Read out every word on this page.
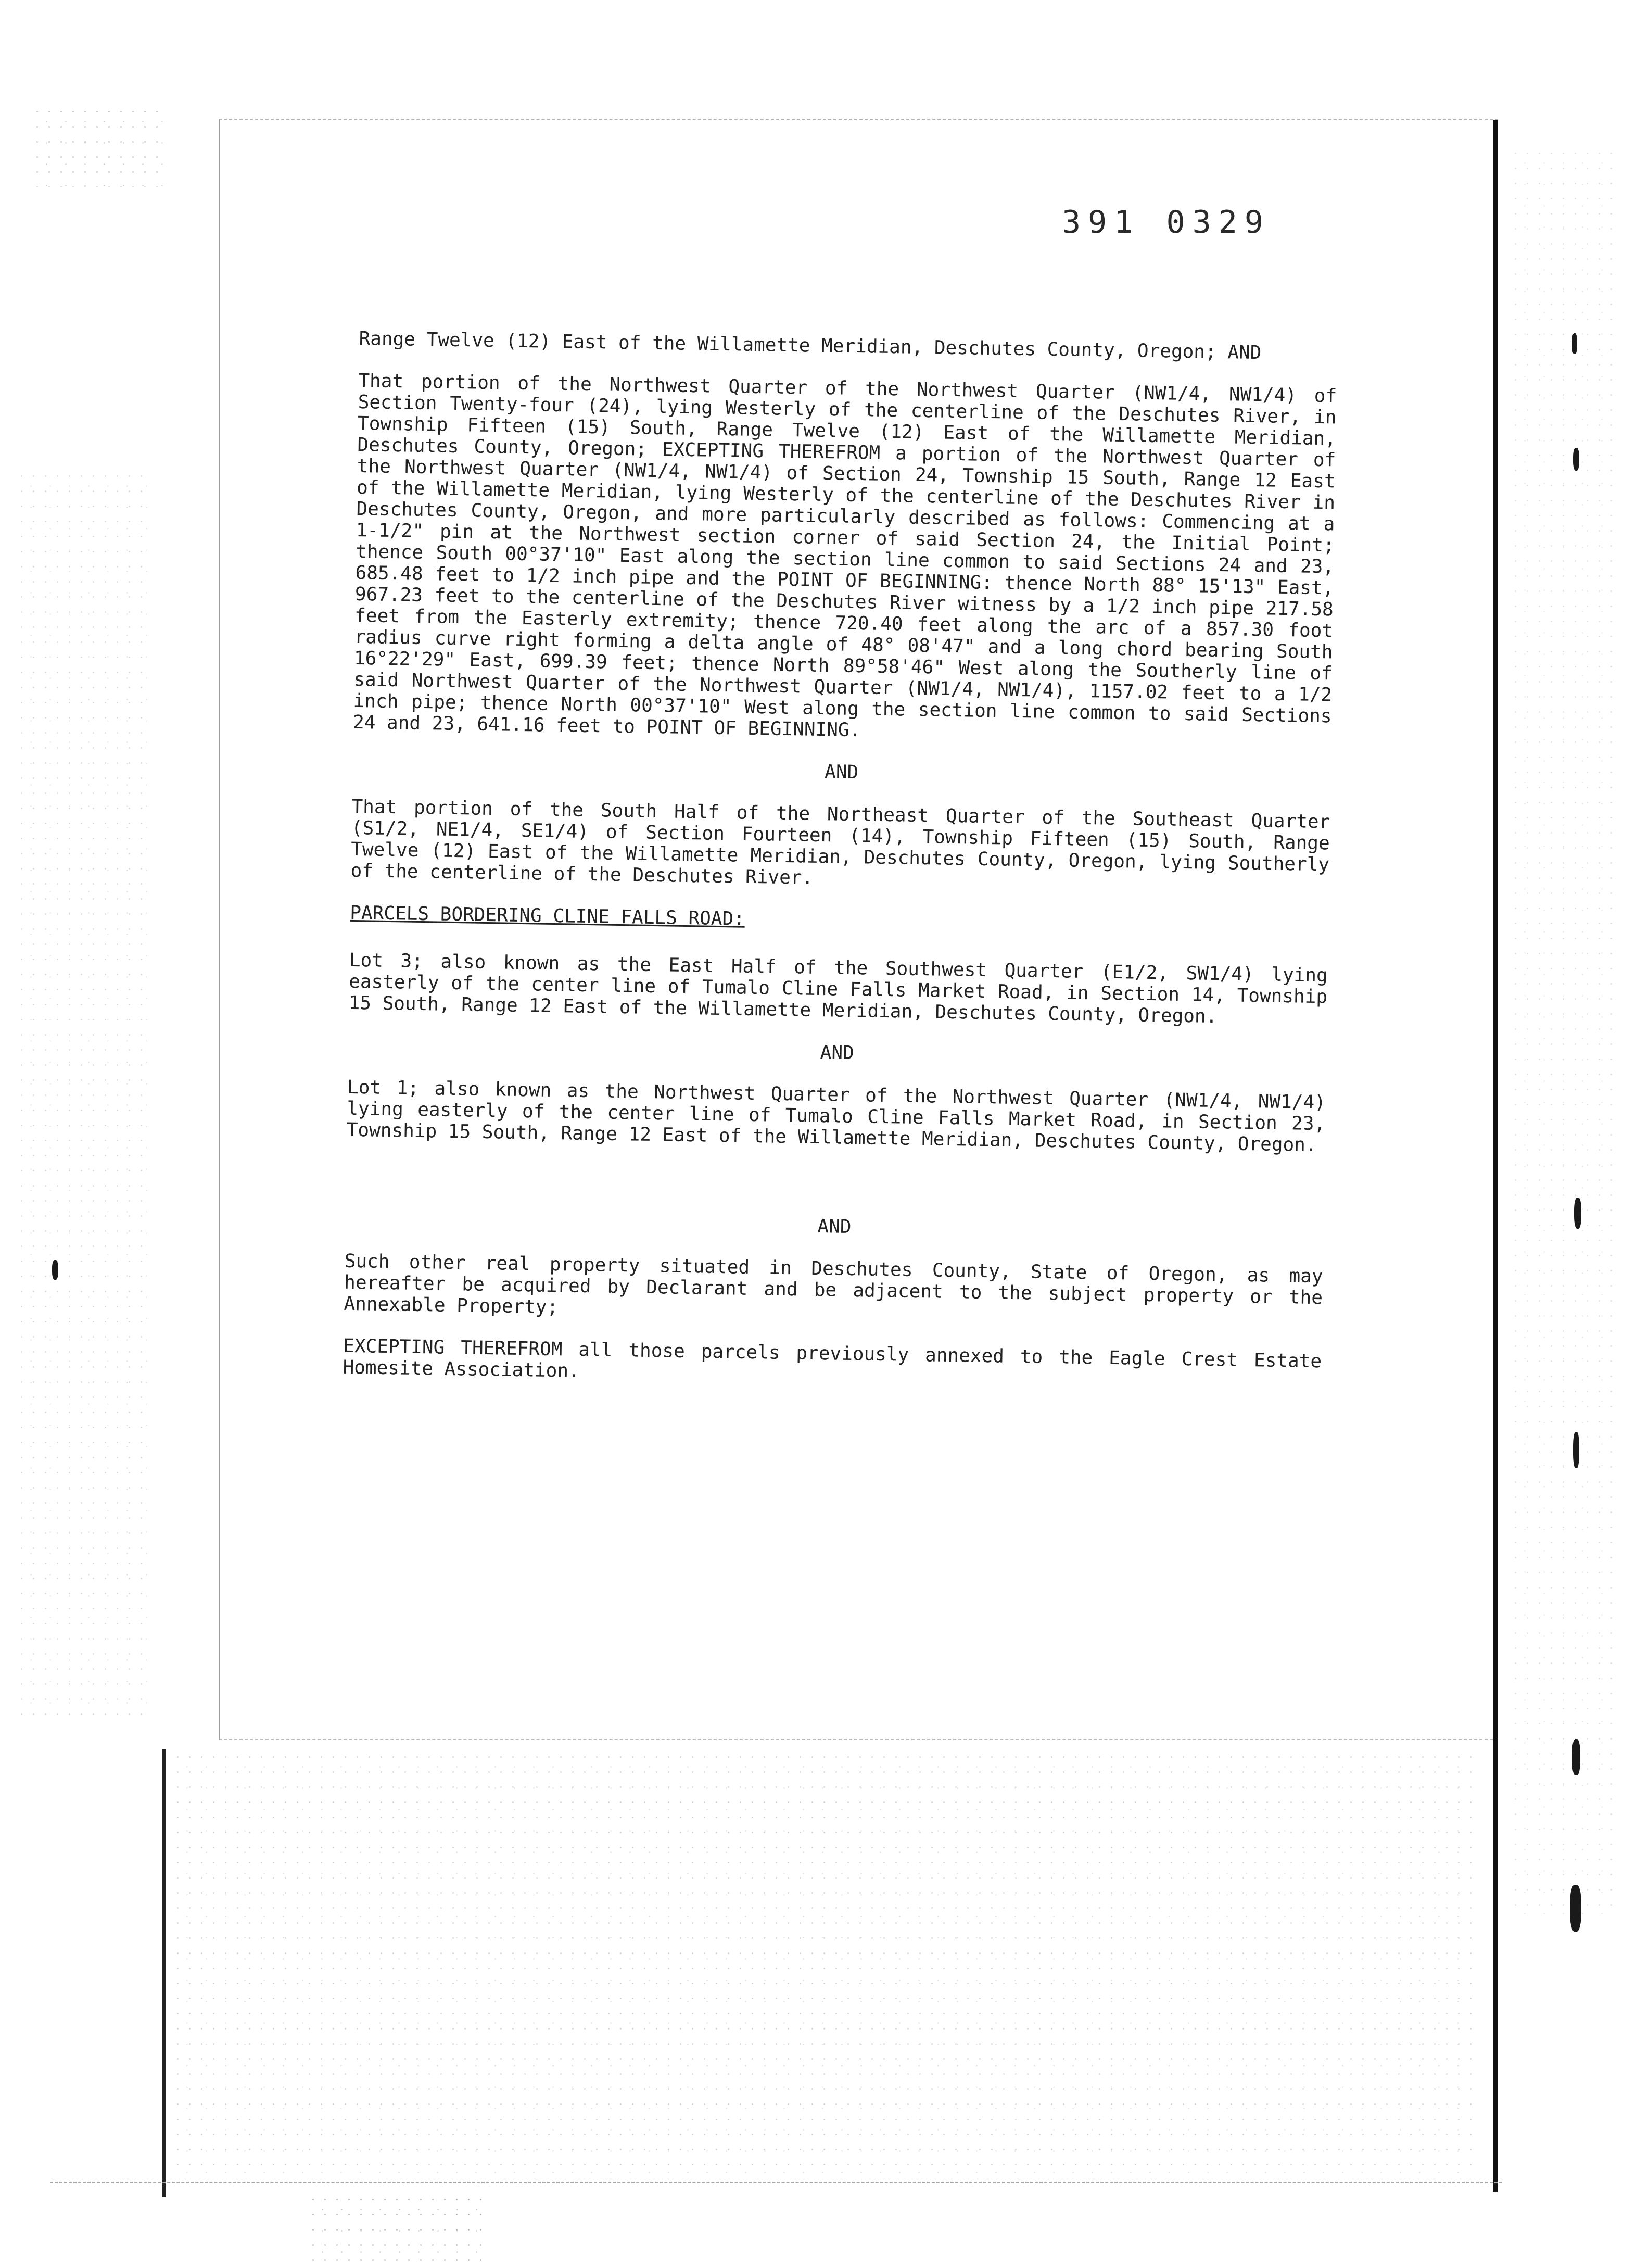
391 0329

Range Twelve (12) East of the Willamette Meridian, Deschutes County, Oregon; AND

That portion of the Northwest Quarter of the Northwest Quarter (NW1/4, NW1/4) of Section Twenty-four (24), lying Westerly of the centerline of the Deschutes River, in Township Fifteen (15) South, Range Twelve (12) East of the Willamette Meridian, Deschutes County, Oregon; EXCEPTING THEREFROM a portion of the Northwest Quarter of the Northwest Quarter (NW1/4, NW1/4) of Section 24, Township 15 South, Range 12 East of the Willamette Meridian, lying Westerly of the centerline of the Deschutes River in Deschutes County, Oregon, and more particularly described as follows: Commencing at a 1-1/2" pin at the Northwest section corner of said Section 24, the Initial Point; thence South 00°37'10" East along the section line common to said Sections 24 and 23, 685.48 feet to 1/2 inch pipe and the POINT OF BEGINNING: thence North 88° 15'13" East, 967.23 feet to the centerline of the Deschutes River witness by a 1/2 inch pipe 217.58 feet from the Easterly extremity; thence 720.40 feet along the arc of a 857.30 foot radius curve right forming a delta angle of 48° 08'47" and a long chord bearing South 16°22'29" East, 699.39 feet; thence North 89°58'46" West along the Southerly line of said Northwest Quarter of the Northwest Quarter (NW1/4, NW1/4), 1157.02 feet to a 1/2 inch pipe; thence North 00°37'10" West along the section line common to said Sections 24 and 23, 641.16 feet to POINT OF BEGINNING.

AND

That portion of the South Half of the Northeast Quarter of the Southeast Quarter (S1/2, NE1/4, SE1/4) of Section Fourteen (14), Township Fifteen (15) South, Range Twelve (12) East of the Willamette Meridian, Deschutes County, Oregon, lying Southerly of the centerline of the Deschutes River.

PARCELS BORDERING CLINE FALLS ROAD:

Lot 3; also known as the East Half of the Southwest Quarter (E1/2, SW1/4) lying easterly of the center line of Tumalo Cline Falls Market Road, in Section 14, Township 15 South, Range 12 East of the Willamette Meridian, Deschutes County, Oregon.

AND

Lot 1; also known as the Northwest Quarter of the Northwest Quarter (NW1/4, NW1/4) lying easterly of the center line of Tumalo Cline Falls Market Road, in Section 23, Township 15 South, Range 12 East of the Willamette Meridian, Deschutes County, Oregon.

AND

Such other real property situated in Deschutes County, State of Oregon, as may hereafter be acquired by Declarant and be adjacent to the subject property or the Annexable Property;

EXCEPTING THEREFROM all those parcels previously annexed to the Eagle Crest Estate Homesite Association.
